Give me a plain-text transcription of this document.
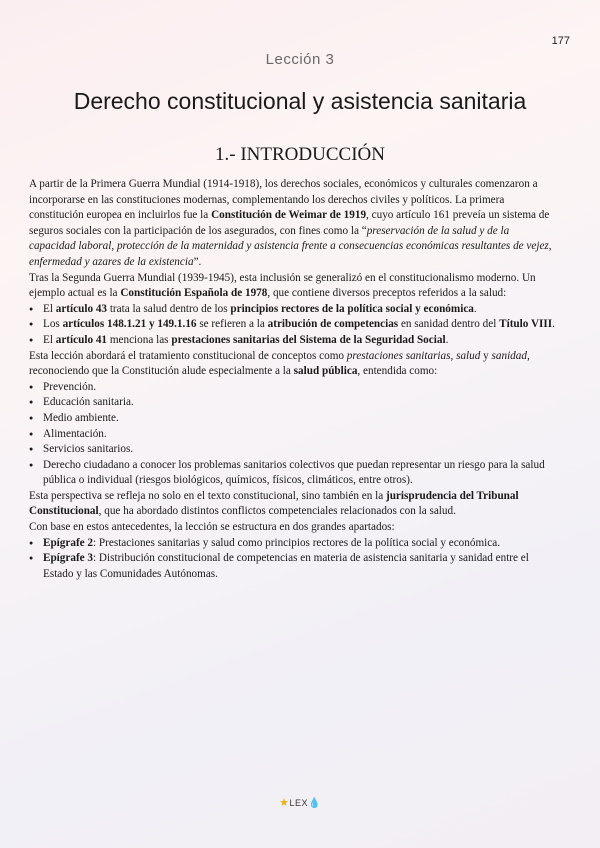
177
Lección 3
Derecho constitucional y asistencia sanitaria
1.- INTRODUCCIÓN

A partir de la Primera Guerra Mundial (1914-1918), los derechos sociales, económicos y culturales comenzaron a incorporarse en las constituciones modernas, complementando los derechos civiles y políticos. La primera constitución europea en incluirlos fue la Constitución de Weimar de 1919, cuyo artículo 161 preveía un sistema de seguros sociales con la participación de los asegurados, con fines como la “preservación de la salud y de la capacidad laboral, protección de la maternidad y asistencia frente a consecuencias económicas resultantes de vejez, enfermedad y azares de la existencia”.

Tras la Segunda Guerra Mundial (1939-1945), esta inclusión se generalizó en el constitucionalismo moderno. Un ejemplo actual es la Constitución Española de 1978, que contiene diversos preceptos referidos a la salud:

● El artículo 43 trata la salud dentro de los principios rectores de la política social y económica.
● Los artículos 148.1.21 y 149.1.16 se refieren a la atribución de competencias en sanidad dentro del Título VIII.
● El artículo 41 menciona las prestaciones sanitarias del Sistema de la Seguridad Social.

Esta lección abordará el tratamiento constitucional de conceptos como prestaciones sanitarias, salud y sanidad, reconociendo que la Constitución alude especialmente a la salud pública, entendida como:

● Prevención.
● Educación sanitaria.
● Medio ambiente.
● Alimentación.
● Servicios sanitarios.
● Derecho ciudadano a conocer los problemas sanitarios colectivos que puedan representar un riesgo para la salud pública o individual (riesgos biológicos, químicos, físicos, climáticos, entre otros).

Esta perspectiva se refleja no solo en el texto constitucional, sino también en la jurisprudencia del Tribunal Constitucional, que ha abordado distintos conflictos competenciales relacionados con la salud.

Con base en estos antecedentes, la lección se estructura en dos grandes apartados:

● Epígrafe 2: Prestaciones sanitarias y salud como principios rectores de la política social y económica.
● Epígrafe 3: Distribución constitucional de competencias en materia de asistencia sanitaria y sanidad entre el Estado y las Comunidades Autónomas.
★LEX💧
